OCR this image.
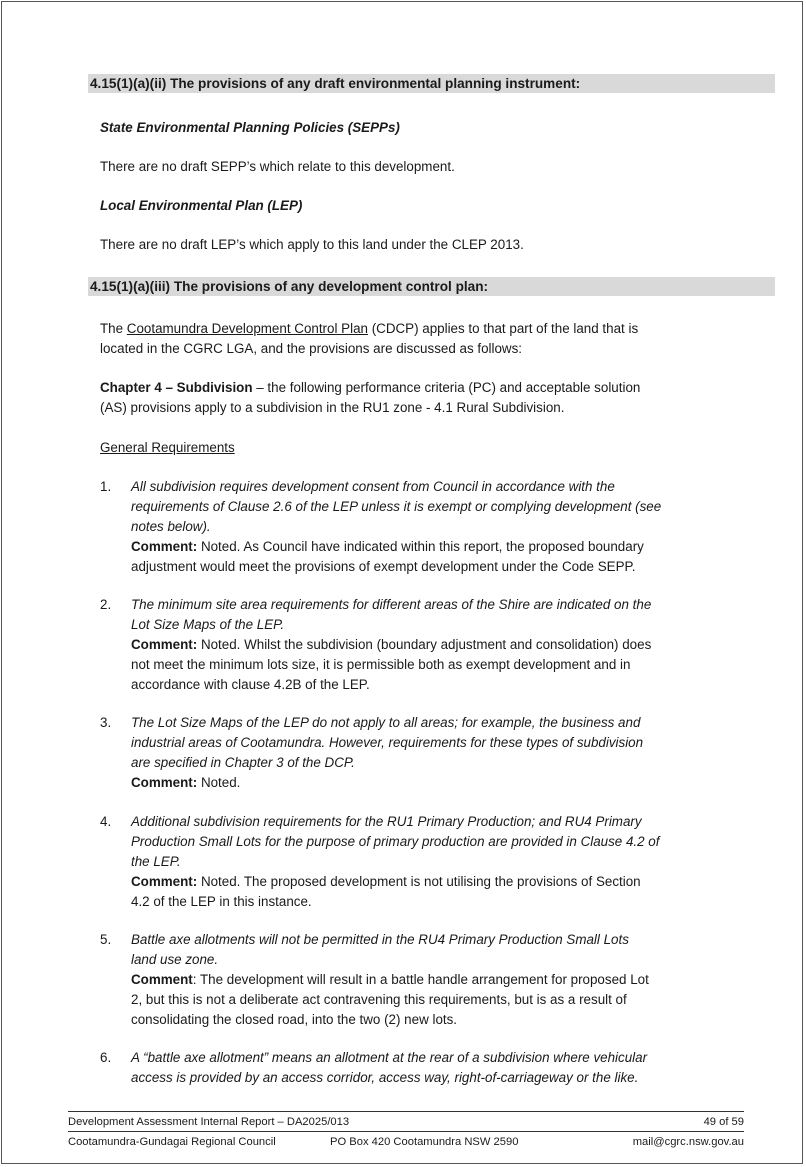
4.15(1)(a)(ii) The provisions of any draft environmental planning instrument:
State Environmental Planning Policies (SEPPs)
There are no draft SEPP’s which relate to this development.
Local Environmental Plan (LEP)
There are no draft LEP’s which apply to this land under the CLEP 2013.
4.15(1)(a)(iii) The provisions of any development control plan:
The Cootamundra Development Control Plan (CDCP) applies to that part of the land that is
located in the CGRC LGA, and the provisions are discussed as follows:
Chapter 4 – Subdivision – the following performance criteria (PC) and acceptable solution
(AS) provisions apply to a subdivision in the RU1 zone - 4.1 Rural Subdivision.
General Requirements
1. All subdivision requires development consent from Council in accordance with the
requirements of Clause 2.6 of the LEP unless it is exempt or complying development (see
notes below).
Comment: Noted. As Council have indicated within this report, the proposed boundary
adjustment would meet the provisions of exempt development under the Code SEPP.
2. The minimum site area requirements for different areas of the Shire are indicated on the
Lot Size Maps of the LEP.
Comment: Noted. Whilst the subdivision (boundary adjustment and consolidation) does
not meet the minimum lots size, it is permissible both as exempt development and in
accordance with clause 4.2B of the LEP.
3. The Lot Size Maps of the LEP do not apply to all areas; for example, the business and
industrial areas of Cootamundra. However, requirements for these types of subdivision
are specified in Chapter 3 of the DCP.
Comment: Noted.
4. Additional subdivision requirements for the RU1 Primary Production; and RU4 Primary
Production Small Lots for the purpose of primary production are provided in Clause 4.2 of
the LEP.
Comment: Noted. The proposed development is not utilising the provisions of Section
4.2 of the LEP in this instance.
5. Battle axe allotments will not be permitted in the RU4 Primary Production Small Lots
land use zone.
Comment: The development will result in a battle handle arrangement for proposed Lot
2, but this is not a deliberate act contravening this requirements, but is as a result of
consolidating the closed road, into the two (2) new lots.
6. A “battle axe allotment” means an allotment at the rear of a subdivision where vehicular
access is provided by an access corridor, access way, right-of-carriageway or the like.
Development Assessment Internal Report – DA2025/013	49 of 59
Cootamundra-Gundagai Regional Council	PO Box 420 Cootamundra NSW 2590	mail@cgrc.nsw.gov.au
